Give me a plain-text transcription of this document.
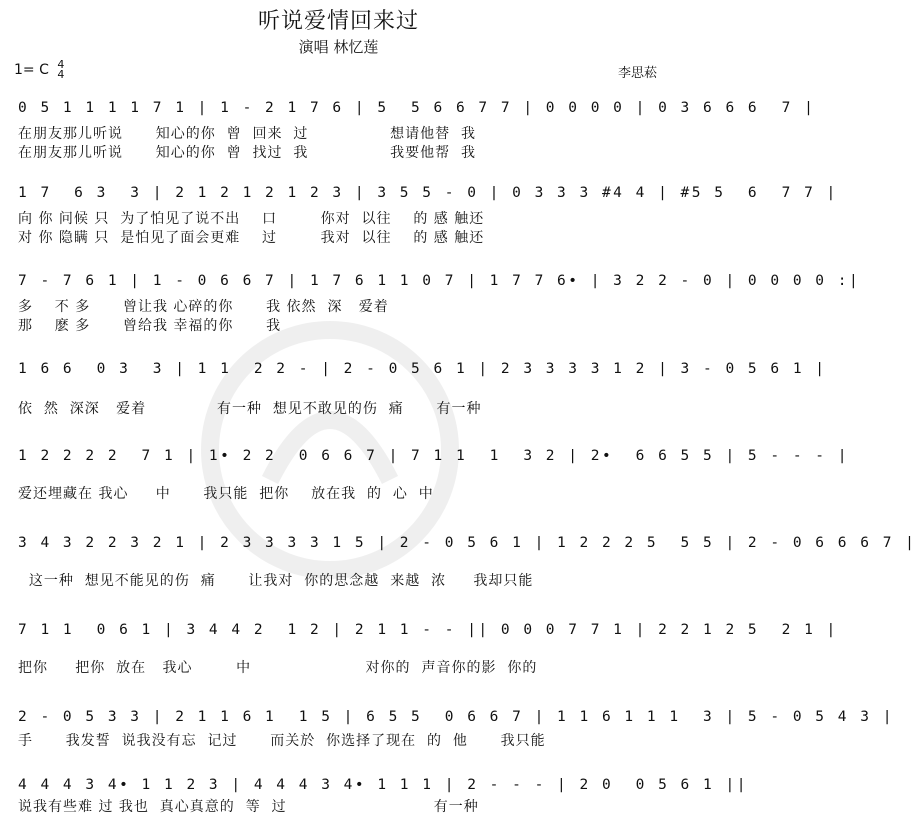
听说爱情回来过
演唱 林忆莲
1= C 4
4	李思菘
0 5 1 1 1 1 7 1 | 1 - 2 1 7 6 | 5  5 6 6 7 7 | 0 0 0 0 | 0 3 6 6 6  7 |
在朋友那儿听说      知心的你  曾  回来  过               想请他替  我
在朋友那儿听说      知心的你  曾  找过  我               我要他帮  我
1 7  6 3  3 | 2 1 2 1 2 1 2 3 | 3 5 5 - 0 | 0 3 3 3 #4 4 | #5 5  6  7 7 |
向 你 问候 只  为了怕见了说不出    口        你对  以往    的 感 触还
对 你 隐瞒 只  是怕见了面会更难    过        我对  以往    的 感 触还
7 - 7 6 1 | 1 - 0 6 6 7 | 1 7 6 1 1 0 7 | 1 7 7 6• | 3 2 2 - 0 | 0 0 0 0 :|
多    不 多      曾让我 心碎的你      我 依然  深   爱着
那    麽 多      曾给我 幸福的你      我
1 6 6  0 3  3 | 1 1  2 2 - | 2 - 0 5 6 1 | 2 3 3 3 3 1 2 | 3 - 0 5 6 1 |
依  然  深深   爱着             有一种  想见不敢见的伤  痛      有一种
1 2 2 2 2  7 1 | 1• 2 2  0 6 6 7 | 7 1 1  1  3 2 | 2•  6 6 5 5 | 5 - - - |
爱还埋藏在 我心     中      我只能  把你    放在我  的  心  中
3 4 3 2 2 3 2 1 | 2 3 3 3 3 1 5 | 2 - 0 5 6 1 | 1 2 2 2 5  5 5 | 2 - 0 6 6 6 7 |
这一种  想见不能见的伤  痛      让我对  你的思念越  来越  浓     我却只能
7 1 1  0 6 1 | 3 4 4 2  1 2 | 2 1 1 - - || 0 0 0 7 7 1 | 2 2 1 2 5  2 1 |
把你     把你  放在   我心        中                     对你的  声音你的影  你的
2 - 0 5 3 3 | 2 1 1 6 1  1 5 | 6 5 5  0 6 6 7 | 1 1 6 1 1 1  3 | 5 - 0 5 4 3 |
手      我发誓  说我没有忘  记过      而关於  你选择了现在  的  他      我只能
4 4 4 3 4• 1 1 2 3 | 4 4 4 3 4• 1 1 1 | 2 - - - | 2 0  0 5 6 1 ||
说我有些难 过 我也  真心真意的  等  过                           有一种
